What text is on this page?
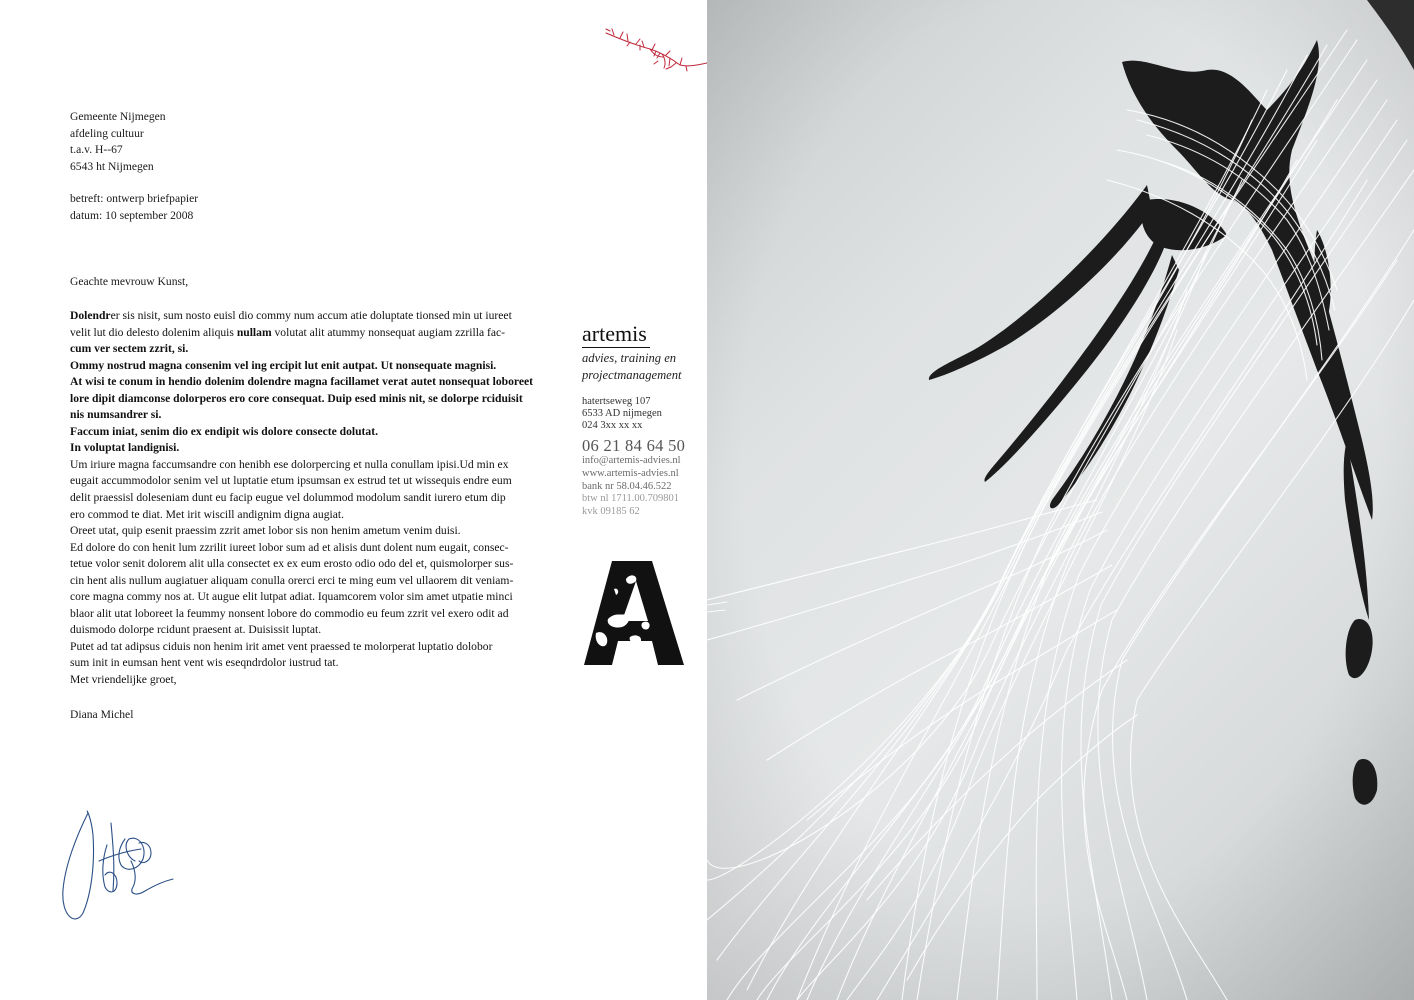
Gemeente Nijmegen
afdeling cultuur
t.a.v. H--67
6543 ht Nijmegen
betreft: ontwerp briefpapier
datum: 10 september 2008
Geachte mevrouw Kunst,
Dolendrer sis nisit, sum nosto euisl dio commy num accum atie doluptate tionsed min ut iureet
velit lut dio delesto dolenim aliquis nullam volutat alit atummy nonsequat augiam zzrilla fac-
cum ver sectem zzrit, si.
Ommy nostrud magna consenim vel ing ercipit lut enit autpat. Ut nonsequate magnisi.
At wisi te conum in hendio dolenim dolendre magna facillamet verat autet nonsequat loboreet
lore dipit diamconse dolorperos ero core consequat. Duip esed minis nit, se dolorpe rciduisit
nis numsandrer si.
Faccum iniat, senim dio ex endipit wis dolore consecte dolutat.
In voluptat landignisi.
Um iriure magna faccumsandre con henibh ese dolorpercing et nulla conullam ipisi.Ud min ex
eugait accummodolor senim vel ut luptatie etum ipsumsan ex estrud tet ut wissequis endre eum
delit praessisl doleseniam dunt eu facip eugue vel dolummod modolum sandit iurero etum dip
ero commod te diat. Met irit wiscill andignim digna augiat.
Oreet utat, quip esenit praessim zzrit amet lobor sis non henim ametum venim duisi.
Ed dolore do con henit lum zzrilit iureet lobor sum ad et alisis dunt dolent num eugait, consec-
tetue volor senit dolorem alit ulla consectet ex ex eum erosto odio odo del et, quismolorper sus-
cin hent alis nullum augiatuer aliquam conulla orerci erci te ming eum vel ullaorem dit veniam-
core magna commy nos at. Ut augue elit lutpat adiat. Iquamcorem volor sim amet utpatie minci
blaor alit utat loboreet la feummy nonsent lobore do commodio eu feum zzrit vel exero odit ad
duismodo dolorpe rcidunt praesent at. Duisissit luptat.
Putet ad tat adipsus ciduis non henim irit amet vent praessed te molorperat luptatio dolobor
sum init in eumsan hent vent wis eseqndrdolor iustrud tat.
Met vriendelijke groet,
Diana Michel
artemis
advies, training en
projectmanagement
hatertseweg 107
6533 AD nijmegen
024 3xx xx xx
06 21 84 64 50
info@artemis-advies.nl
www.artemis-advies.nl
bank nr 58.04.46.522
btw nl 1711.00.709801
kvk 09185 62
